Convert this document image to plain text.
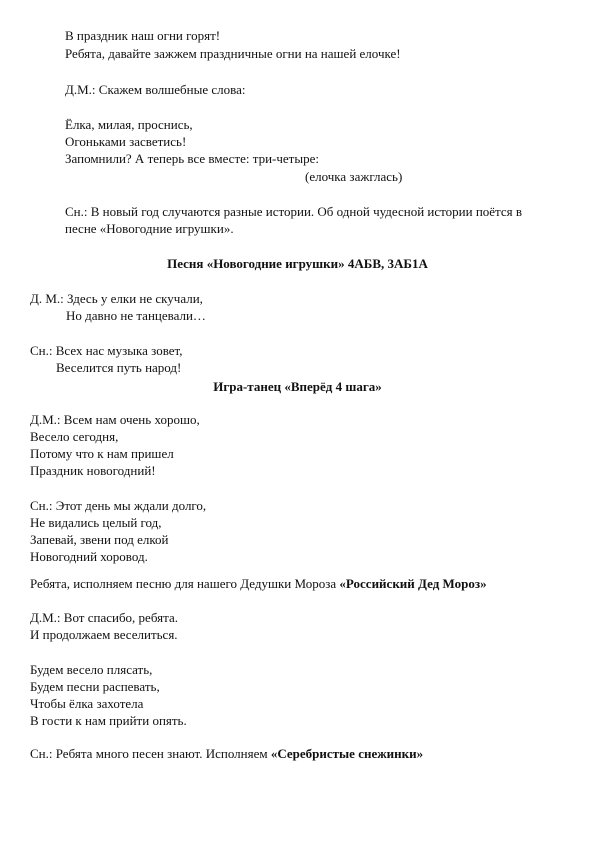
В праздник наш огни горят!
Ребята, давайте зажжем праздничные огни на нашей елочке!
Д.М.: Скажем волшебные слова:
Ёлка, милая, проснись,
Огоньками засветись!
Запомнили? А теперь все вместе: три-четыре:
(елочка зажглась)
Сн.: В новый год случаются разные истории. Об одной чудесной истории поётся в
песне «Новогодние игрушки».
Песня «Новогодние игрушки» 4АБВ, 3АБ1А
Д. М.: Здесь у елки не скучали,
Но давно не танцевали…
Сн.: Всех нас музыка зовет,
Веселится путь народ!
Игра-танец «Вперёд 4 шага»
Д.М.: Всем нам очень хорошо,
Весело сегодня,
Потому что к нам пришел
Праздник новогодний!
Сн.: Этот день мы ждали долго,
Не видались целый год,
Запевай, звени под елкой
Новогодний хоровод.
Ребята, исполняем песню для нашего Дедушки Мороза «Российский Дед Мороз»
Д.М.: Вот спасибо, ребята.
И продолжаем веселиться.
Будем весело плясать,
Будем песни распевать,
Чтобы ёлка захотела
В гости к нам прийти опять.
Сн.: Ребята много песен знают. Исполняем «Серебристые снежинки»
